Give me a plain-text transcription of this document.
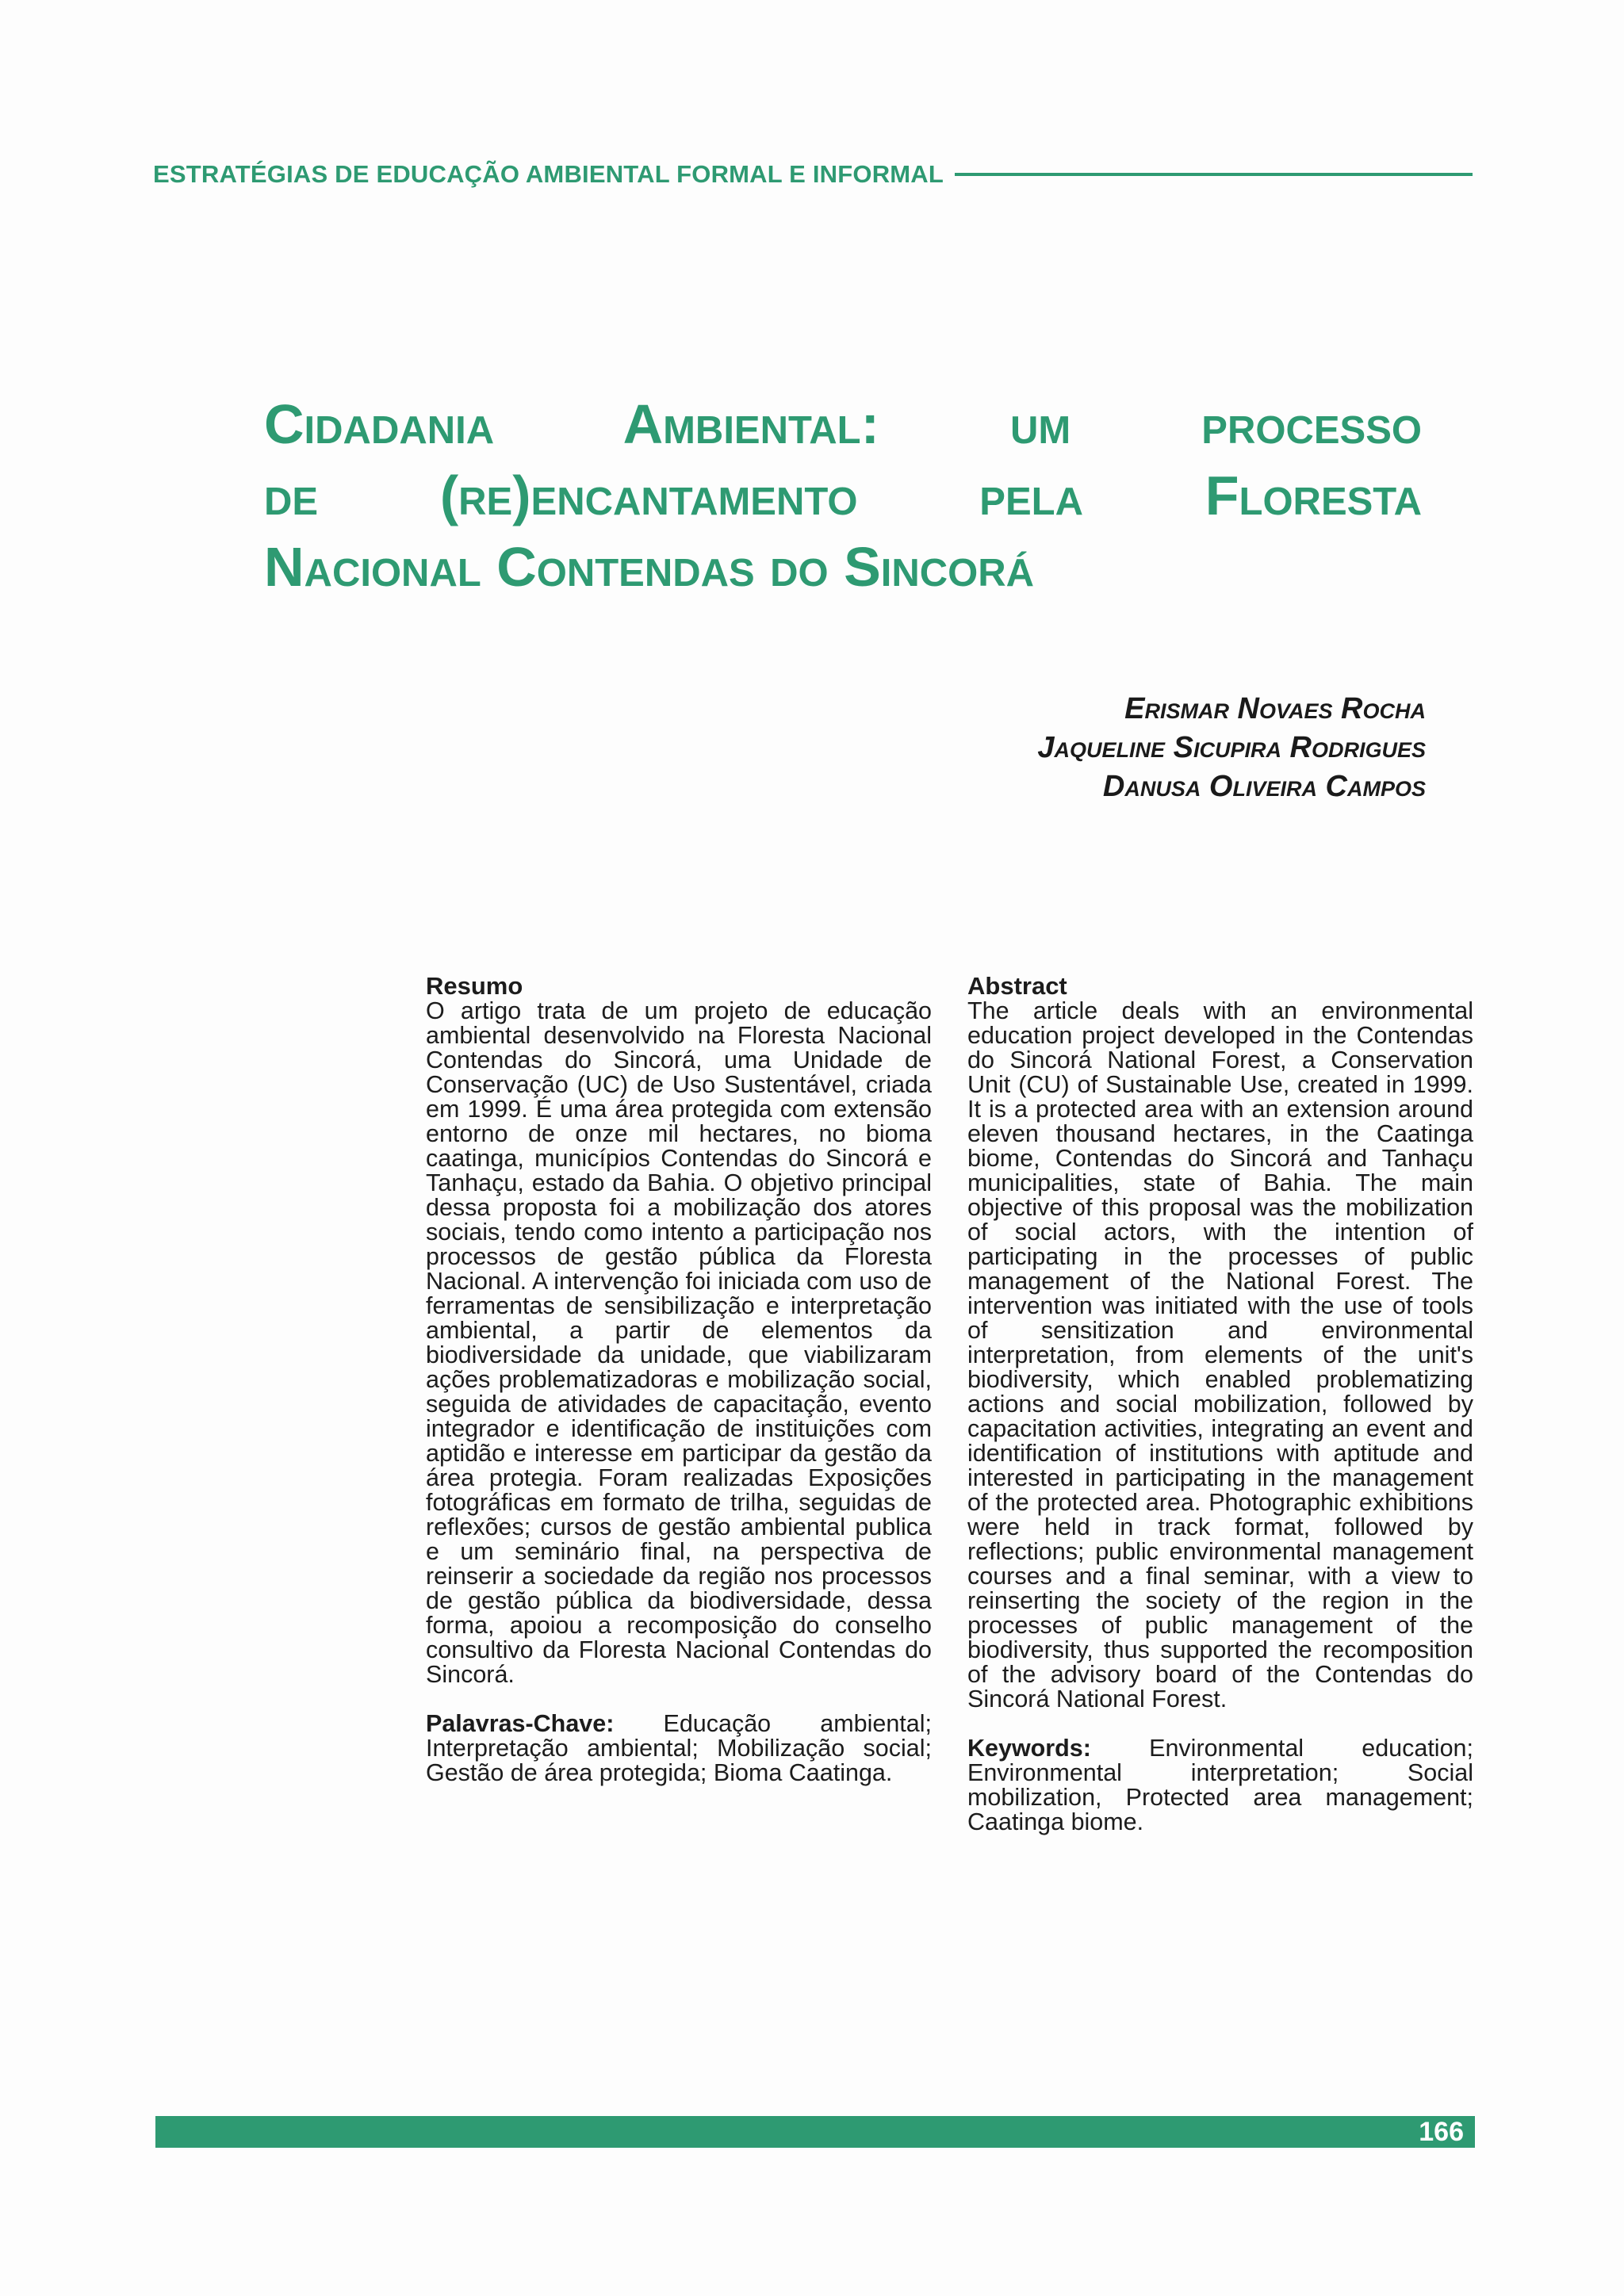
ESTRATÉGIAS DE EDUCAÇÃO AMBIENTAL FORMAL E INFORMAL
Cidadania Ambiental: um processo
de (re)encantamento pela Floresta
Nacional Contendas do Sincorá
Erismar Novaes Rocha
Jaqueline Sicupira Rodrigues
Danusa Oliveira Campos
Resumo

O artigo trata de um projeto de educação ambiental desenvolvido na Floresta Nacional Contendas do Sincorá, uma Unidade de Conservação (UC) de Uso Sustentável, criada em 1999. É uma área protegida com extensão entorno de onze mil hectares, no bioma caatinga, municípios Contendas do Sincorá e Tanhaçu, estado da Bahia. O objetivo principal dessa proposta foi a mobilização dos atores sociais, tendo como intento a participação nos processos de gestão pública da Floresta Nacional. A intervenção foi iniciada com uso de ferramentas de sensibilização e interpretação ambiental, a partir de elementos da biodiversidade da unidade, que viabilizaram ações problematizadoras e mobilização social, seguida de atividades de capacitação, evento integrador e identificação de instituições com aptidão e interesse em participar da gestão da área protegia. Foram realizadas Exposições fotográficas em formato de trilha, seguidas de reflexões; cursos de gestão ambiental publica e um seminário final, na perspectiva de reinserir a sociedade da região nos processos de gestão pública da biodiversidade, dessa forma, apoiou a recomposição do conselho consultivo da Floresta Nacional Contendas do Sincorá.

Palavras-Chave: Educação ambiental; Interpretação ambiental; Mobilização social; Gestão de área protegida; Bioma Caatinga.

Abstract

The article deals with an environmental education project developed in the Contendas do Sincorá National Forest, a Conservation Unit (CU) of Sustainable Use, created in 1999. It is a protected area with an extension around eleven thousand hectares, in the Caatinga biome, Contendas do Sincorá and Tanhaçu municipalities, state of Bahia. The main objective of this proposal was the mobilization of social actors, with the intention of participating in the processes of public management of the National Forest. The intervention was initiated with the use of tools of sensitization and environmental interpretation, from elements of the unit's biodiversity, which enabled problematizing actions and social mobilization, followed by capacitation activities, integrating an event and identification of institutions with aptitude and interested in participating in the management of the protected area. Photographic exhibitions were held in track format, followed by reflections; public environmental management courses and a final seminar, with a view to reinserting the society of the region in the processes of public management of the biodiversity, thus supported the recomposition of the advisory board of the Contendas do Sincorá National Forest.

Keywords: Environmental education; Environmental interpretation; Social mobilization, Protected area management; Caatinga biome.

166
